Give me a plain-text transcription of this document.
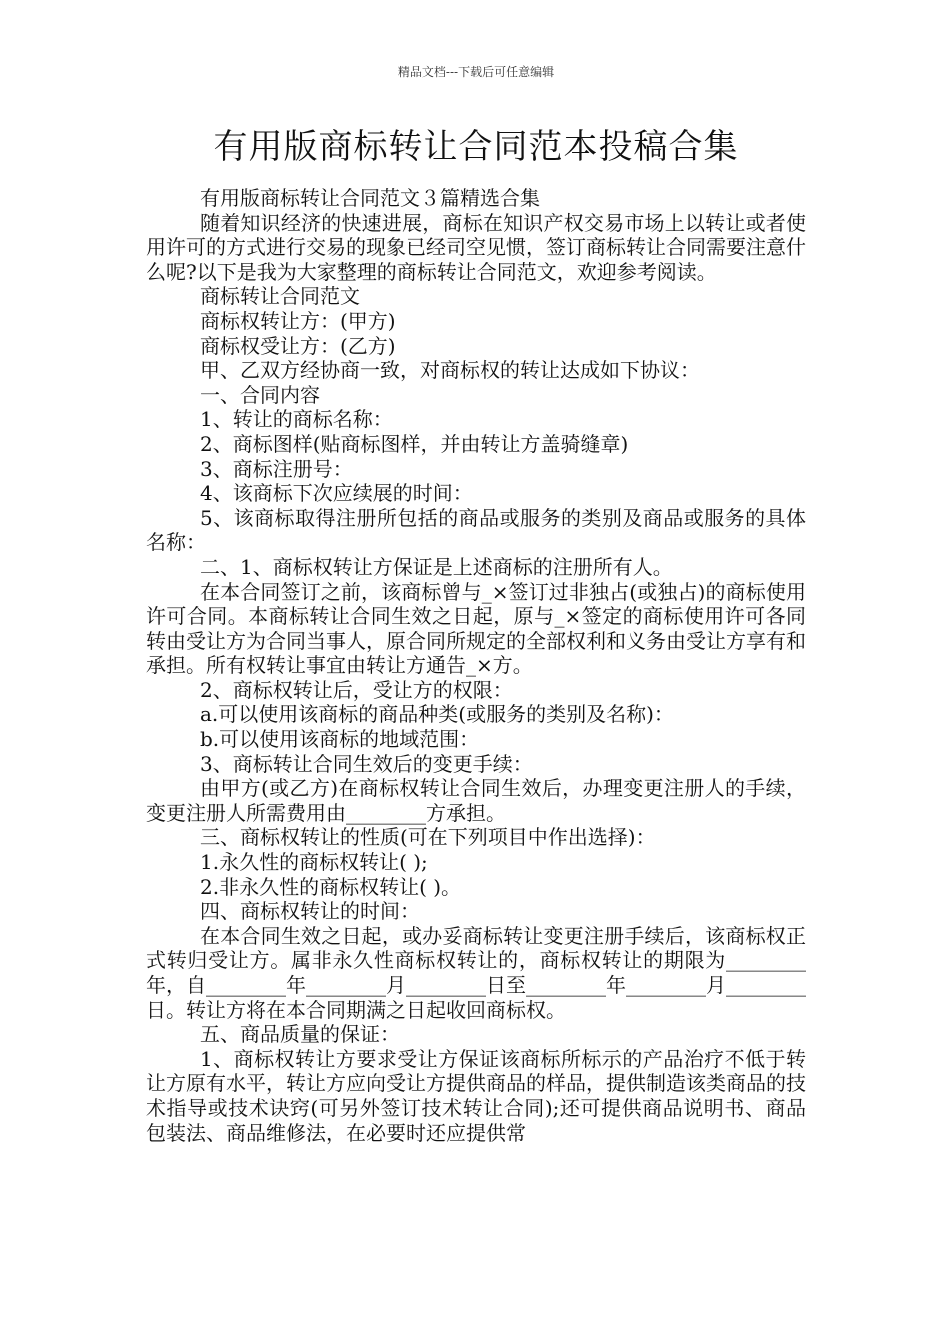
精品文档---下载后可任意编辑
有用版商标转让合同范本投稿合集

有用版商标转让合同范文３篇精选合集

随着知识经济的快速进展，商标在知识产权交易市场上以转让或者使用许可的方式进行交易的现象已经司空见惯，签订商标转让合同需要注意什么呢?以下是我为大家整理的商标转让合同范文，欢迎参考阅读。

商标转让合同范文

商标权转让方：(甲方)

商标权受让方：(乙方)

甲、乙双方经协商一致，对商标权的转让达成如下协议：

一、合同内容

1、转让的商标名称：

2、商标图样(贴商标图样，并由转让方盖骑缝章)

3、商标注册号：

4、该商标下次应续展的时间：

5、该商标取得注册所包括的商品或服务的类别及商品或服务的具体名称：

二、1、商标权转让方保证是上述商标的注册所有人。

在本合同签订之前，该商标曾与_×签订过非独占(或独占)的商标使用许可合同。本商标转让合同生效之日起，原与_×签定的商标使用许可各同转由受让方为合同当事人，原合同所规定的全部权利和义务由受让方享有和承担。所有权转让事宜由转让方通告_×方。

2、商标权转让后，受让方的权限：

a.可以使用该商标的商品种类(或服务的类别及名称)：

b.可以使用该商标的地域范围：

3、商标转让合同生效后的变更手续：

由甲方(或乙方)在商标权转让合同生效后，办理变更注册人的手续，变更注册人所需费用由________方承担。

三、商标权转让的性质(可在下列项目中作出选择)：

1.永久性的商标权转让( );

2.非永久性的商标权转让( )。

四、商标权转让的时间：

在本合同生效之日起，或办妥商标转让变更注册手续后，该商标权正式转归受让方。属非永久性商标权转让的，商标权转让的期限为________年，自________年________月________日至________年________月________日。转让方将在本合同期满之日起收回商标权。

五、商品质量的保证：

1、商标权转让方要求受让方保证该商标所标示的产品治疗不低于转让方原有水平，转让方应向受让方提供商品的样品，提供制造该类商品的技术指导或技术诀窍(可另外签订技术转让合同);还可提供商品说明书、商品包装法、商品维修法，在必要时还应提供常
